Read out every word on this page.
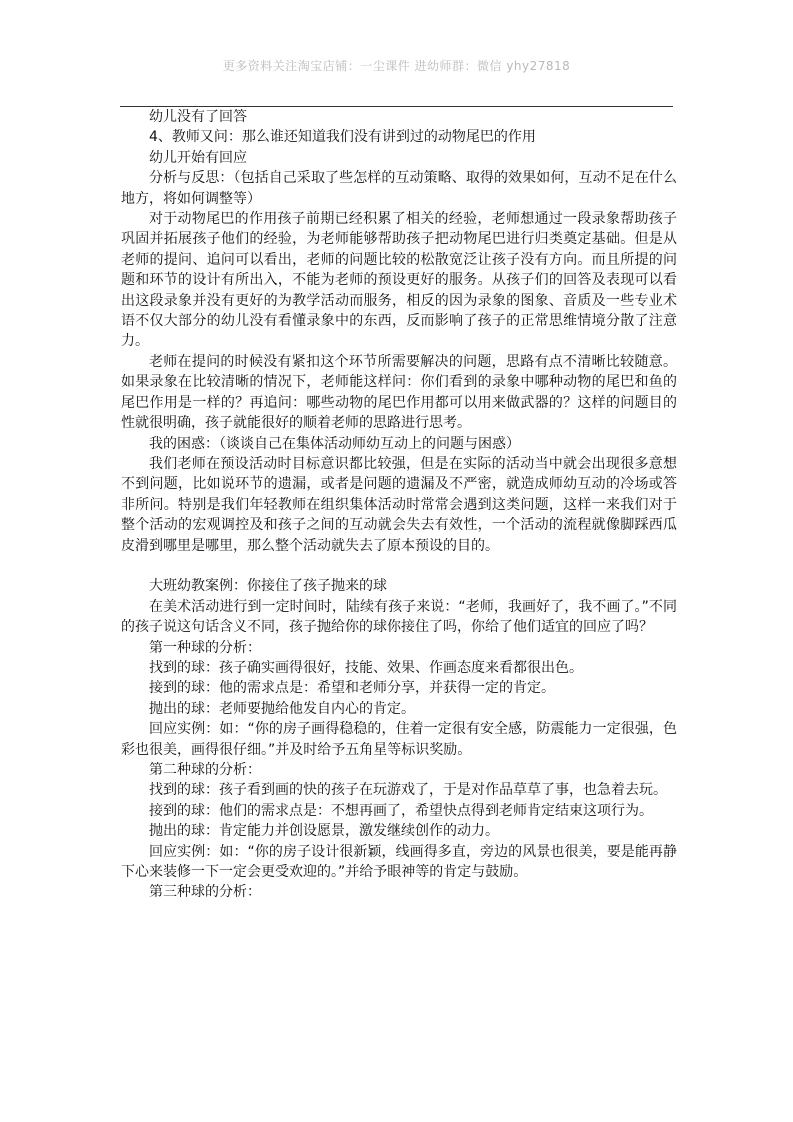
更多资料关注淘宝店铺：一尘课件 进幼师群：微信 yhy27818

幼儿没有了回答

4、教师又问：那么谁还知道我们没有讲到过的动物尾巴的作用

幼儿开始有回应

分析与反思：（包括自己采取了些怎样的互动策略、取得的效果如何，互动不足在什么地方，将如何调整等）

对于动物尾巴的作用孩子前期已经积累了相关的经验，老师想通过一段录象帮助孩子巩固并拓展孩子他们的经验，为老师能够帮助孩子把动物尾巴进行归类奠定基础。但是从老师的提问、追问可以看出，老师的问题比较的松散宽泛让孩子没有方向。而且所提的问题和环节的设计有所出入，不能为老师的预设更好的服务。从孩子们的回答及表现可以看出这段录象并没有更好的为教学活动而服务，相反的因为录象的图象、音质及一些专业术语不仅大部分的幼儿没有看懂录象中的东西，反而影响了孩子的正常思维情境分散了注意力。

老师在提问的时候没有紧扣这个环节所需要解决的问题，思路有点不清晰比较随意。如果录象在比较清晰的情况下，老师能这样问：你们看到的录象中哪种动物的尾巴和鱼的尾巴作用是一样的？再追问：哪些动物的尾巴作用都可以用来做武器的？这样的问题目的性就很明确，孩子就能很好的顺着老师的思路进行思考。

我的困惑：（谈谈自己在集体活动师幼互动上的问题与困惑）

我们老师在预设活动时目标意识都比较强，但是在实际的活动当中就会出现很多意想不到问题，比如说环节的遗漏，或者是问题的遗漏及不严密，就造成师幼互动的冷场或答非所问。特别是我们年轻教师在组织集体活动时常常会遇到这类问题，这样一来我们对于整个活动的宏观调控及和孩子之间的互动就会失去有效性，一个活动的流程就像脚踩西瓜皮滑到哪里是哪里，那么整个活动就失去了原本预设的目的。

大班幼教案例：你接住了孩子抛来的球

在美术活动进行到一定时间时，陆续有孩子来说：“老师，我画好了，我不画了。”不同的孩子说这句话含义不同，孩子抛给你的球你接住了吗，你给了他们适宜的回应了吗？

第一种球的分析：

找到的球：孩子确实画得很好，技能、效果、作画态度来看都很出色。

接到的球：他的需求点是：希望和老师分享，并获得一定的肯定。

抛出的球：老师要抛给他发自内心的肯定。

回应实例：如：“你的房子画得稳稳的，住着一定很有安全感，防震能力一定很强，色彩也很美，画得很仔细。”并及时给予五角星等标识奖励。

第二种球的分析：

找到的球：孩子看到画的快的孩子在玩游戏了，于是对作品草草了事，也急着去玩。

接到的球：他们的需求点是：不想再画了，希望快点得到老师肯定结束这项行为。

抛出的球：肯定能力并创设愿景，激发继续创作的动力。

回应实例：如：“你的房子设计很新颖，线画得多直，旁边的风景也很美，要是能再静下心来装修一下一定会更受欢迎的。”并给予眼神等的肯定与鼓励。

第三种球的分析：
